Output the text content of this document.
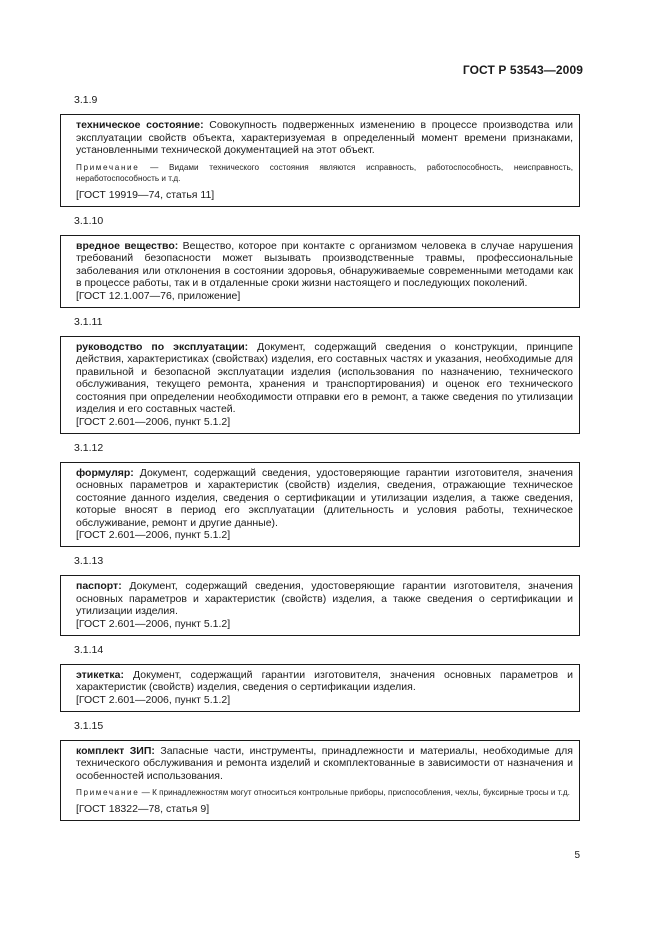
ГОСТ Р 53543—2009
3.1.9
техническое состояние: Совокупность подверженных изменению в процессе производства или эксплуатации свойств объекта, характеризуемая в определенный момент времени признаками, установленными технической документацией на этот объект.
Примечание — Видами технического состояния являются исправность, работоспособность, неисправность, неработоспособность и т.д.
[ГОСТ 19919—74, статья 11]
3.1.10
вредное вещество: Вещество, которое при контакте с организмом человека в случае нарушения требований безопасности может вызывать производственные травмы, профессиональные заболевания или отклонения в состоянии здоровья, обнаруживаемые современными методами как в процессе работы, так и в отдаленные сроки жизни настоящего и последующих поколений.
[ГОСТ 12.1.007—76, приложение]
3.1.11
руководство по эксплуатации: Документ, содержащий сведения о конструкции, принципе действия, характеристиках (свойствах) изделия, его составных частях и указания, необходимые для правильной и безопасной эксплуатации изделия (использования по назначению, технического обслуживания, текущего ремонта, хранения и транспортирования) и оценок его технического состояния при определении необходимости отправки его в ремонт, а также сведения по утилизации изделия и его составных частей.
[ГОСТ 2.601—2006, пункт 5.1.2]
3.1.12
формуляр: Документ, содержащий сведения, удостоверяющие гарантии изготовителя, значения основных параметров и характеристик (свойств) изделия, сведения, отражающие техническое состояние данного изделия, сведения о сертификации и утилизации изделия, а также сведения, которые вносят в период его эксплуатации (длительность и условия работы, техническое обслуживание, ремонт и другие данные).
[ГОСТ 2.601—2006, пункт 5.1.2]
3.1.13
паспорт: Документ, содержащий сведения, удостоверяющие гарантии изготовителя, значения основных параметров и характеристик (свойств) изделия, а также сведения о сертификации и утилизации изделия.
[ГОСТ 2.601—2006, пункт 5.1.2]
3.1.14
этикетка: Документ, содержащий гарантии изготовителя, значения основных параметров и характеристик (свойств) изделия, сведения о сертификации изделия.
[ГОСТ 2.601—2006, пункт 5.1.2]
3.1.15
комплект ЗИП: Запасные части, инструменты, принадлежности и материалы, необходимые для технического обслуживания и ремонта изделий и скомплектованные в зависимости от назначения и особенностей использования.
Примечание — К принадлежностям могут относиться контрольные приборы, приспособления, чехлы, буксирные тросы и т.д.
[ГОСТ 18322—78, статья 9]
5
